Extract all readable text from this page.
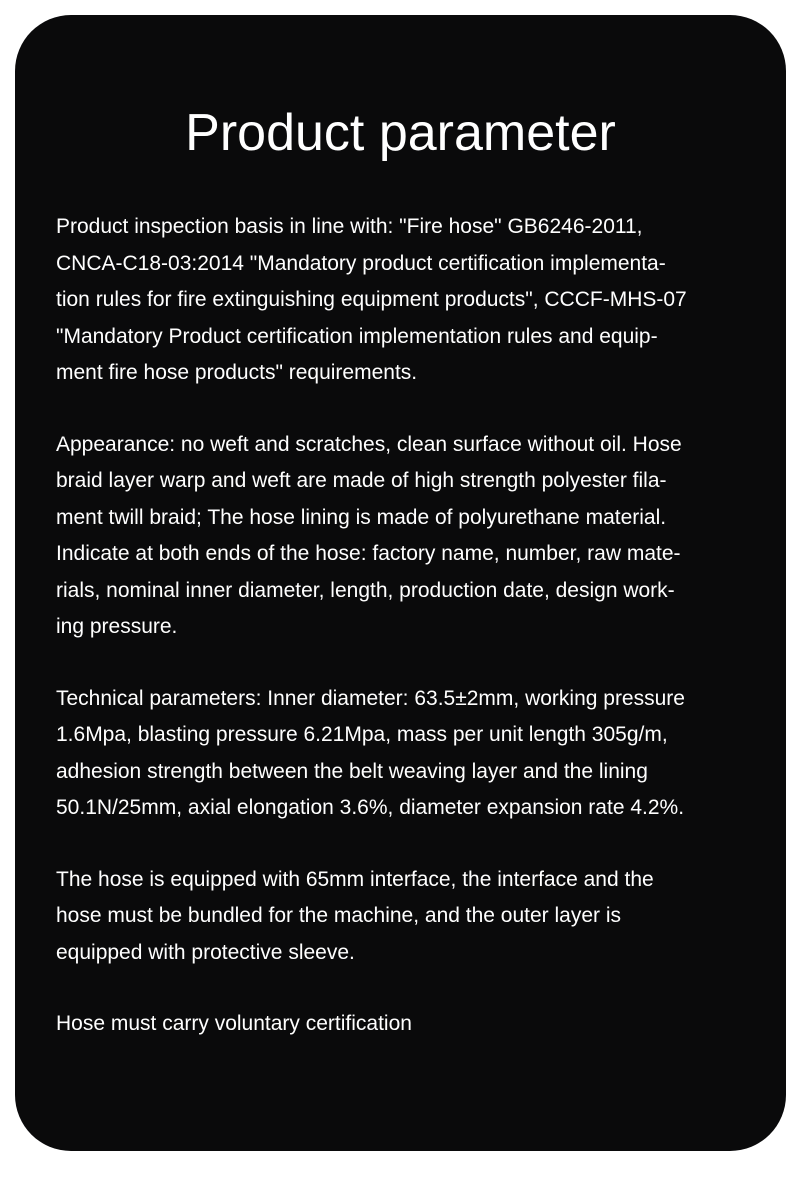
Product parameter

Product inspection basis in line with: "Fire hose" GB6246-2011,
CNCA-C18-03:2014 "Mandatory product certification implementa-
tion rules for fire extinguishing equipment products", CCCF-MHS-07
"Mandatory Product certification implementation rules and equip-
ment fire hose products" requirements.

Appearance: no weft and scratches, clean surface without oil. Hose
braid layer warp and weft are made of high strength polyester fila-
ment twill braid; The hose lining is made of polyurethane material.
Indicate at both ends of the hose: factory name, number, raw mate-
rials, nominal inner diameter, length, production date, design work-
ing pressure.

Technical parameters: Inner diameter: 63.5±2mm, working pressure
1.6Mpa, blasting pressure 6.21Mpa, mass per unit length 305g/m,
adhesion strength between the belt weaving layer and the lining
50.1N/25mm, axial elongation 3.6%, diameter expansion rate 4.2%.

The hose is equipped with 65mm interface, the interface and the
hose must be bundled for the machine, and the outer layer is
equipped with protective sleeve.

Hose must carry voluntary certification
